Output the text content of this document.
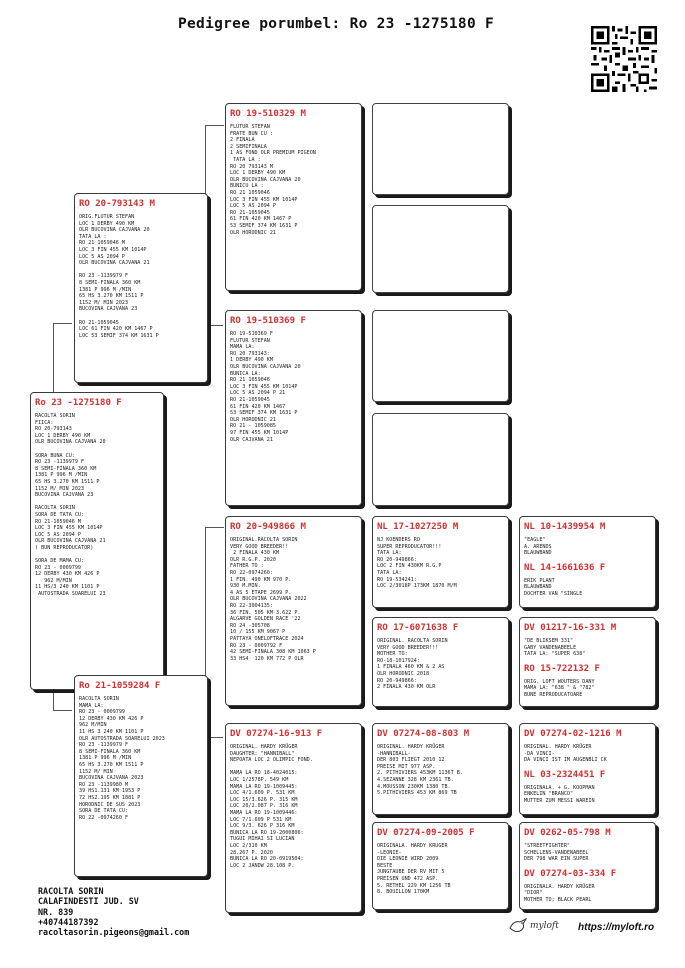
Pedigree porumbel: Ro 23 -1275180 F
Ro 23 -1275180 F
RACOLTA SORIN
FIICA:
RO 20-793143
LOC 1 DERBY 490 KM
OLR BUCOVINA CAJVANA 20

SORA BUNA CU:
RO 23 -1139979 F
8 SEMI-FINALA 360 KM
1381 P 996 M /MIN
65 HS 3.270 KM 1511 P
1152 M/ MIN 2023
BUCOVINA CAJVANA 23

RACOLTA SORIN
SORA DE TATA CU:
RO 21-1059046 M
LOC 3 FIN 455 KM 1014P
LOC 5 AS 2094 P
OLR BUCOVINA CAJVANA 21
( BUN REPRODUCATOR)

SORA DE MAMA CU:
RO 23 - 0009799
12 DERBY 430 KM 426 P
962 M/MIN
11 HS/3 240 KM 1101 P
AUTOSTRADA SOARELUI 23
RO 20-793143 M
ORIG.FLUTUR STEFAN
LOC 1 DERBY 490 KM
OLR BUCOVINA CAJVANA 20
TATA LA :
RO 21 1059046 M
LOC 3 FIN 455 KM 1014P
LOC 5 AS 2094 P
OLR BUCOVINA CAJVANA 21

RO 23 -1139979 F
8 SEMI-FINALA 360 KM
1381 P 996 M /MIN
65 HS 3.270 KM 1511 P
1152 M/ MIN 2023
BUCOVINA CAJVANA 23

RO 21-1059045
LOC 61 FIN 420 KM 1467 P
LOC 53 SEMIF 374 KM 1631 P
Ro 21-1059284 F
RACOLTA SORIN
MAMA LA:
RO 23 - 0009799
12 DERBY 430 KM 426 P
962 M/MIN
11 HS 3 240 KM 1101 P
OLR AUTOSTRADA SOARELUI 2023
RO 23 -1139979 F
8 SEMI-FINALA 360 KM
1381 P 996 M /MIN
65 HS 3.270 KM 1511 P
1152 M/ MIN
BUCOVINA CAJVANA 2023
RO 23 -1139980 M
39 HS1.131 KM 1953 P
72 HS2.195 KM 1881 P
HORODNIC DE SUS 2023
SORA DE TATA CU:
RO 22 -0974260 F
RO 19-510329 M
FLUTUR STEFAN
FRATE BUN CU :
2 FINALA
2 SEMIFINALA
1 AS FOND OLR PREMIUM PIGEON
TATA LA :
RO 20 793143 M
LOC 1 DERBY 490 KM
OLR BUCOVINA CAJVANA 20
BUNICU LA :
RO 21 1059046
LOC 3 FIN 455 KM 1014P
LOC 5 AS 2094 P
RO 21-1059045
61 FIN 420 KM 1467 P
53 SEMIF 374 KM 1631 P
OLR HORODNIC 21
RO 19-510369 F
RO 19-510369 F
FLUTUR STEFAN
MAMA LA:
RO 20 793143:
1 DERBY 490 KM
OLR BUCOVINA CAJVANA 20
BUNICA LA:
RO 21 1059046
LOC 3 FIN 455 KM 1014P
LOC 5 AS 2094 P 21
RO 21-1059045
61 FIN 420 KM 1467
53 SEMIF 374 KM 1631 P
OLR HORODNIC 21
RO 21 - 1059085
97 FIN 455 KM 1014P
OLR CAJVANA 21
RO 20-949866 M
ORIGINAL.RACOLTA SORIN
VERY GOOD BREEDER!!
2 FINALA 430 KM
OLR R.G.P. 2020
FATHER TO :
RO 22-0974260:
1 FIN. 490 KM 970 P.
930 M.MIN.
4 AS 5 ETAPE 2699 P.
OLR BUCOVINA CAJVANA 2022
RO 22-3004135:
36 FIN. 505 KM 3.622 P.
ALGARVE GOLDEN RACE '22
RO 24 -305708
10 / 155 KM 9067 P
PATTAYA ONELOFTRACE 2024
RO 23 - 0009792 F
42 SEMI-FINALA 308 KM 1063 P
33 HS4  120 KM 772 P OLR
DV 07274-16-913 F
ORIGINAL. HARDY KRÜGER
DAUGHTER: "HANNIBALL"
NEPOATA LOC 2 OLIMPIC FOND.

MAMA LA RO 18-4024015:
LOC 1/2578P. 549 KM
MAMA LA RO 19-1009445:
LOC 4/1.609 P. 531 KM
LOC 15/3.626 P. 315 KM
LOC 20/2.087 P. 316 KM
MAMA LA RO 19-1009446:
LOC 7/1.609 P 531 KM
LOC 9/3. 626 P 316 KM
BUNICA LA RO 19-2000806:
TUGUI MIHAI SI LUCIAN
LOC 2/310 KM
28.267 P. 2020
BUNICA LA RO 20-0919504:
LOC 2 JANDW 28.108 P.
NL 17-1027250 M
NJ KOENDERS RO
SUPER REPRODUCATOR!!!
TATA LA:
RO 20-949866:
LOC 2 FIN 430KM R.G.P
TATA LA:
RO 19-534241:
LOC 2/3018P 173KM 1870 M/M
RO 17-6071638 F
ORIGINAL. RACOLTA SORIN
VERY GOOD BREEDER!!!
MOTHER TO:
RO-18-1017924:
1 FINALA 460 KM & 2 AS
OLR HORODNIC 2018
RO 20-949866:
2 FINALA 430 KM OLR
DV 07274-08-803 M
ORIGINAL. HARDY KRÜGER
-HANNIBALL-
DER 803 FLIEGT 2010 12
PREISE MIT 977 ASP.
2. PITHIVIERS 453KM 1136T B.
4.SEZANNE 328 KM 2361 TB.
4.MOUSSON 230KM 1380 TB.
5.PITHIVIERS 453 KM 869 TB
DV 07274-09-2005 F
ORIGINALA. HARDY KRUGER
-LEONIE-
DIE LEONIE WIRD 2009
BESTE
JUNGTAUBE DER RV MIT 5
PREISEN UND 472 ASP.
5. RETHEL 229 KM 1256 TB
8. BOUILLON 170KM
NL 10-1439954 M
"EAGLE"
A. ARENDS
BLAUWBAND
NL 14-1661636 F
ERIK PLANT
BLAUWBAND
DOCHTER VAN "SINGLE
DV 01217-16-331 M
"DE BLIKSEM 331"
GABY VANDENABEELE
TATA LA: "SUPER 638"
RO 15-722132 F
ORIG. LOFT WOUTERS DANY
MAMA LA: "638 " & "782"
BUNE REPRODUCATOARE
DV 07274-02-1216 M
ORIGINAL. HARDY KRÜGER
-DA VINCI-
DA VINCI IST IM AUGENBLI CK
NL 03-2324451 F
ORIGINALA. + G. KOOPMAN
ENKELIN "BRANCO"
MUTTER ZUM MESSI WAREIN
DV 0262-05-798 M
"STREETFIGHTER"
SCHELLENS-VANDENABEEL
DER 798 WAR EIN SUPER
DV 07274-03-334 F
ORIGINALA. HARDY KRÜGER
"DIOR"
MOTHER TO; BLACK PEARL
RACOLTA SORIN
CALAFINDESTI JUD. SV
NR. 839
+40744187392
racoltasorin.pigeons@gmail.com
myloft https://myloft.ro
